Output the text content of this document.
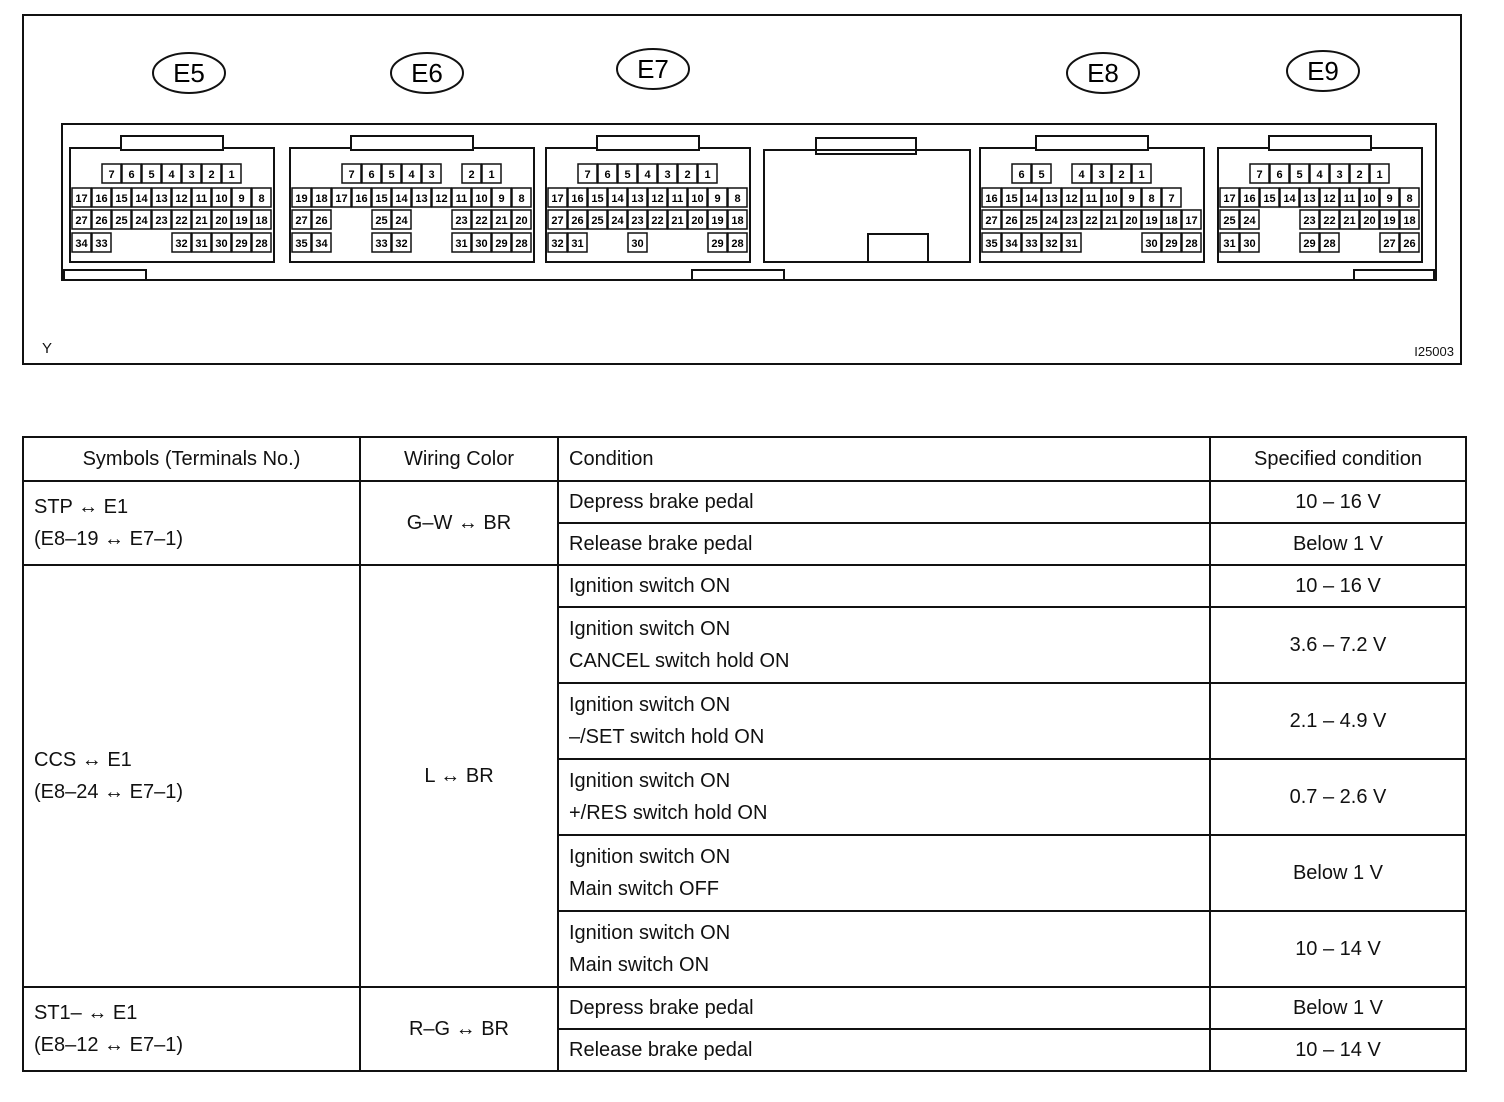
E5
7 6 5 4 3 2 1
17 16 15 14 13 12 11 10 9 8
27 26 25 24 23 22 21 20 19 18
34 33	32 31 30 29 28
E6
7 6 5 4 3	2 1
19 18 17 16 15 14 13 12 11 10 9 8
27 26	25 24	23 22 21 20
35 34	33 32	31 30 29 28
E7
7 6 5 4 3 2 1
17 16 15 14 13 12 11 10 9 8
27 26 25 24 23 22 21 20 19 18
32 31	30	29 28
E8
6 5	4 3 2 1
16 15 14 13 12 11 10 9 8 7
27 26 25 24 23 22 21 20 19 18 17
35 34 33 32 31	30 29 28
E9
7 6 5 4 3 2 1
17 16 15 14 13 12 11 10 9 8
25 24	23 22 21 20 19 18
31 30	29 28	27 26
Y	I25003
Symbols (Terminals No.)	Wiring Color	Condition	Specified condition

STP ↔ E1
(E8–19 ↔ E7–1)	G–W ↔ BR	Depress brake pedal	10 – 16 V

		Release brake pedal	Below 1 V

CCS ↔ E1
(E8–24 ↔ E7–1)	L ↔ BR	Ignition switch ON	10 – 16 V

		Ignition switch ON
CANCEL switch hold ON	3.6 – 7.2 V

		Ignition switch ON
–/SET switch hold ON	2.1 – 4.9 V

		Ignition switch ON
+/RES switch hold ON	0.7 – 2.6 V

		Ignition switch ON
Main switch OFF	Below 1 V

		Ignition switch ON
Main switch ON	10 – 14 V

ST1– ↔ E1
(E8–12 ↔ E7–1)	R–G ↔ BR	Depress brake pedal	Below 1 V

		Release brake pedal	10 – 14 V
